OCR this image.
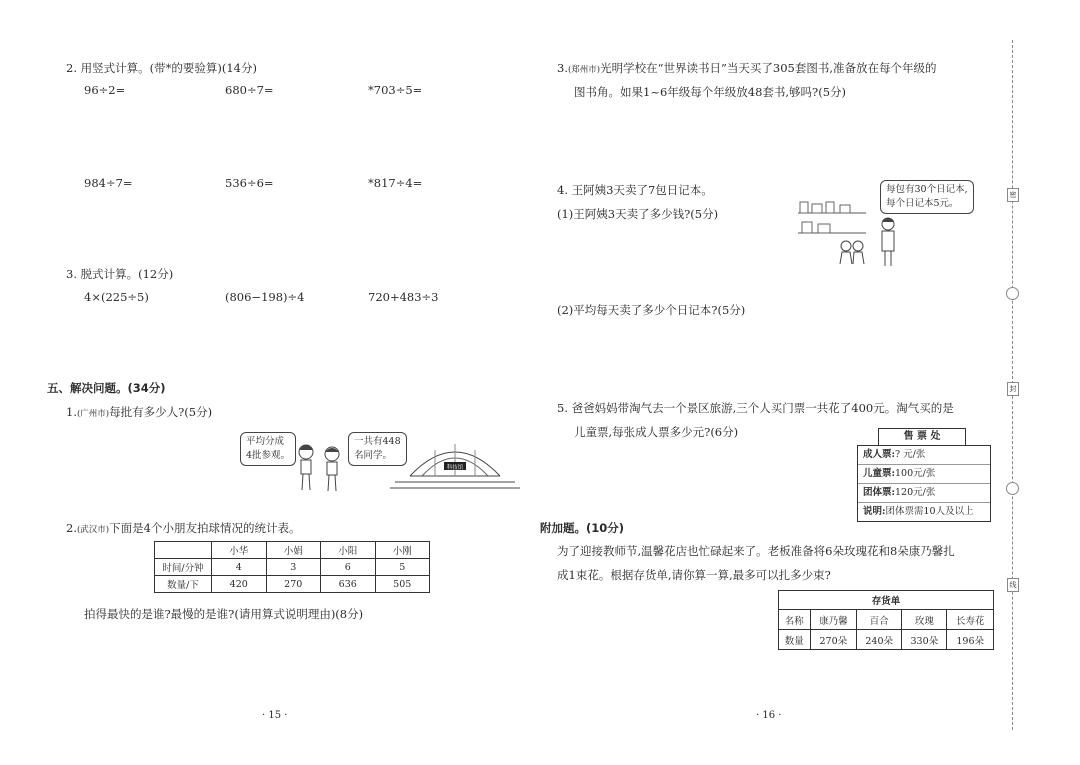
2. 用竖式计算。(带*的要验算)(14分)
96÷2=	680÷7=	*703÷5=
984÷7=	536÷6=	*817÷4=
3. 脱式计算。(12分)
4×(225÷5)	(806−198)÷4	720+483÷3
五、解决问题。(34分)
1.(广州市)每批有多少人?(5分)
平均分成
4批参观。
一共有448
名同学。
科技馆
2.(武汉市)下面是4个小朋友拍球情况的统计表。
	小华	小娟	小阳	小刚
时间/分钟	4	3	6	5
数量/下	420	270	636	505
拍得最快的是谁?最慢的是谁?(请用算式说明理由)(8分)
· 15 ·
3.(郑州市)光明学校在“世界读书日”当天买了305套图书,准备放在每个年级的
图书角。如果1~6年级每个年级放48套书,够吗?(5分)
4. 王阿姨3天卖了7包日记本。
(1)王阿姨3天卖了多少钱?(5分)
每包有30个日记本,
每个日记本5元。
(2)平均每天卖了多少个日记本?(5分)
5. 爸爸妈妈带淘气去一个景区旅游,三个人买门票一共花了400元。淘气买的是
儿童票,每张成人票多少元?(6分)	售 票 处
成人票:? 元/张
儿童票:100元/张
团体票:120元/张
说明:团体票需10人及以上
附加题。(10分)
为了迎接教师节,温馨花店也忙碌起来了。老板准备将6朵玫瑰花和8朵康乃馨扎
成1束花。根据存货单,请你算一算,最多可以扎多少束?
存货单				
名称	康乃馨	百合	玫瑰	长寿花
数量	270朵	240朵	330朵	196朵
· 16 ·
密
封
线
